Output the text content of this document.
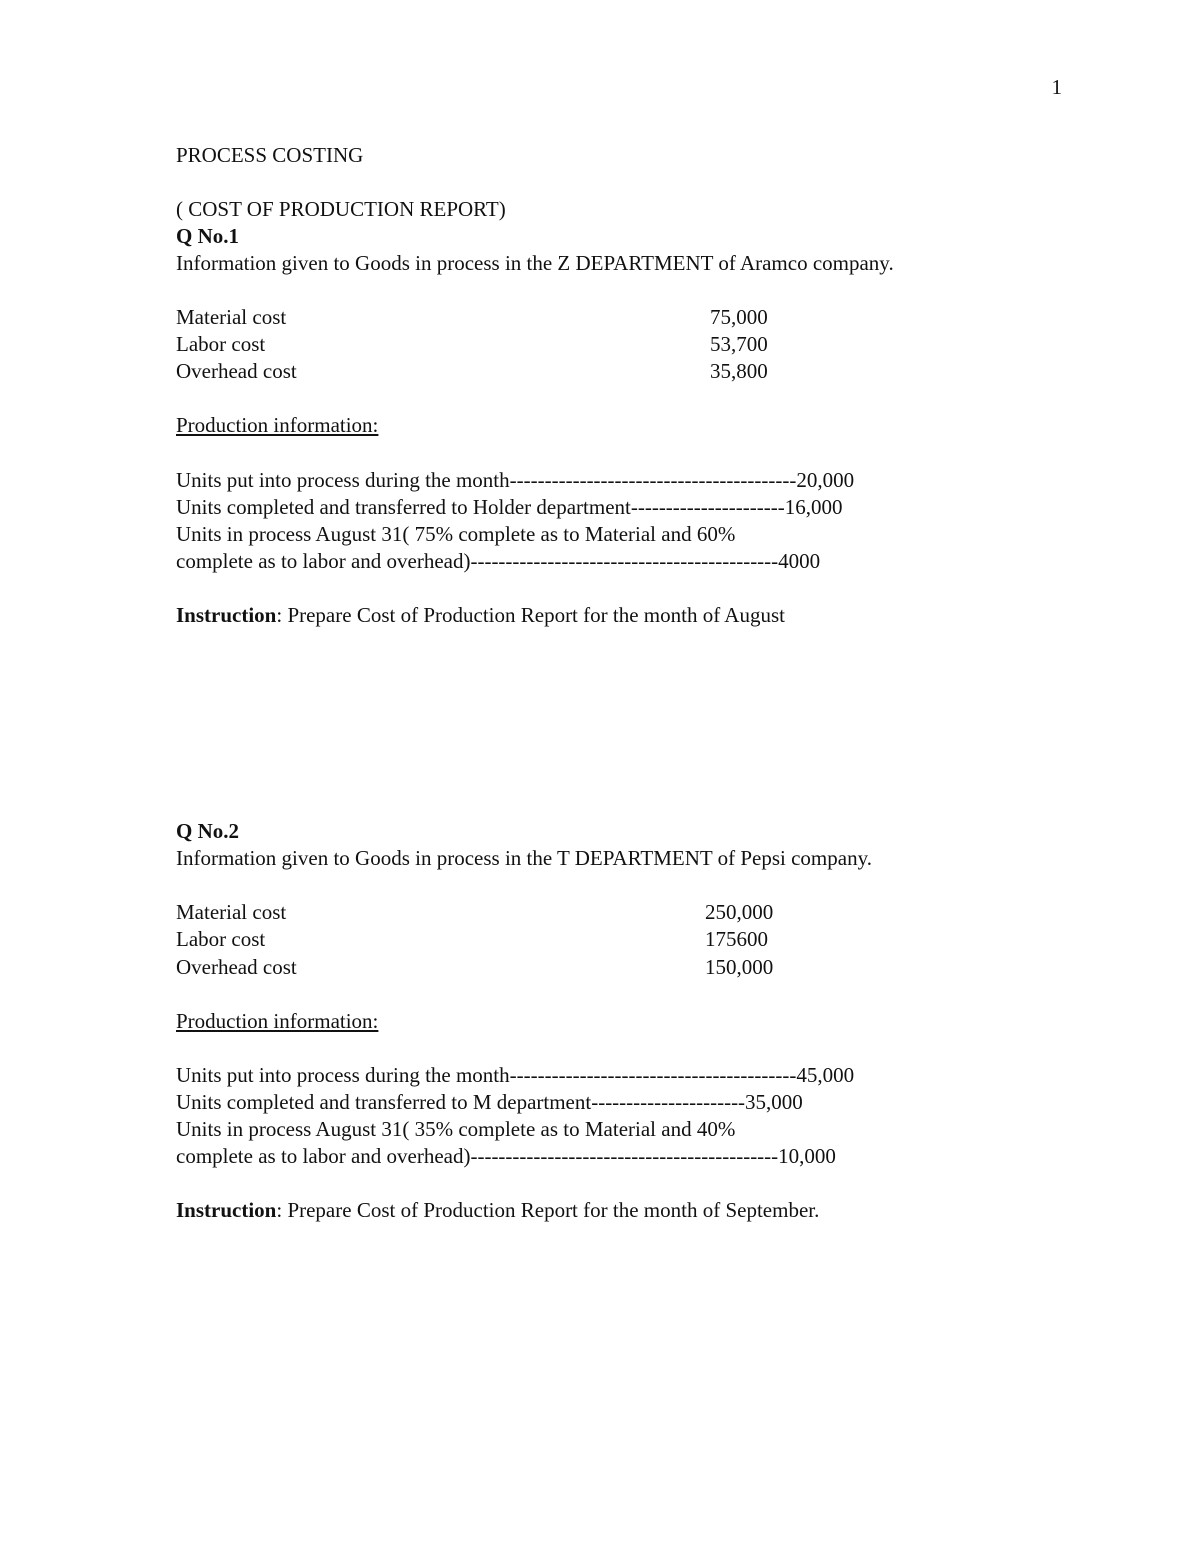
1
PROCESS COSTING
( COST OF PRODUCTION REPORT)
Q No.1
Information given to Goods in process in the Z DEPARTMENT of Aramco company.
Material cost	75,000
Labor cost	53,700
Overhead cost	35,800
Production information:
Units put into process during the month-----------------------------------------20,000
Units completed and transferred to Holder department----------------------16,000
Units in process August 31( 75% complete as to Material and 60%
complete as to labor and overhead)--------------------------------------------4000
Instruction: Prepare Cost of Production Report for the month of August
Q No.2
Information given to Goods in process in the T DEPARTMENT of Pepsi company.
Material cost	250,000
Labor cost	175600
Overhead cost	150,000
Production information:
Units put into process during the month-----------------------------------------45,000
Units completed and transferred to M department----------------------35,000
Units in process August 31( 35% complete as to Material and 40%
complete as to labor and overhead)--------------------------------------------10,000
Instruction: Prepare Cost of Production Report for the month of September.
